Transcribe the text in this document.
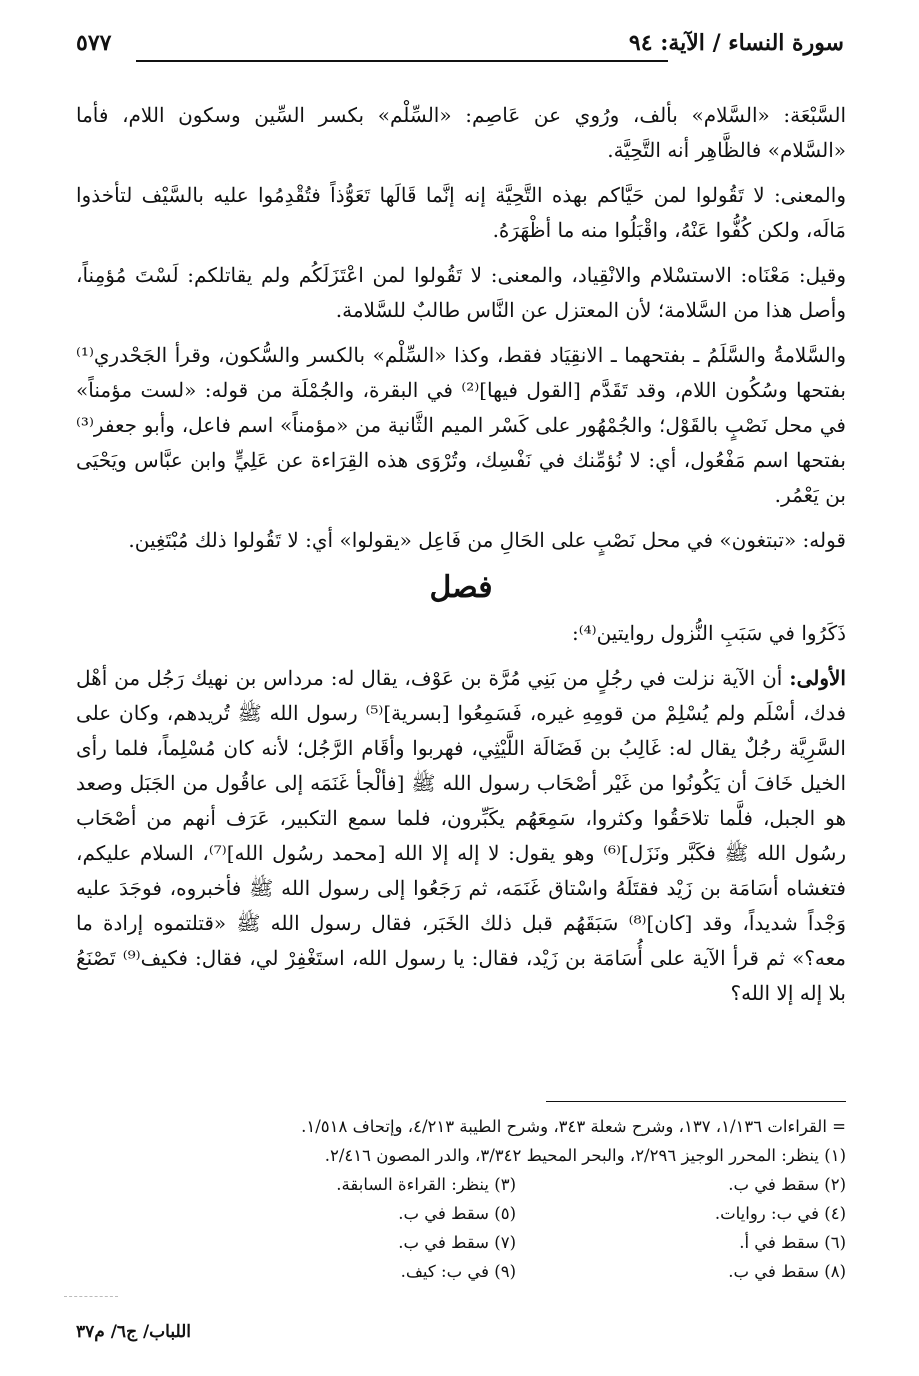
سورة النساء / الآية: ٩٤
٥٧٧

السَّبْعَة: «السَّلام» بألف، ورُوي عن عَاصِم: «السِّلْم» بكسر السِّين وسكون اللام، فأما «السَّلام» فالظَّاهِر أنه التَّحِيَّة.

والمعنى: لا تَقُولوا لمن حَيَّاكم بهذه التَّحِيَّة إنه إنَّما قَالَها تَعَوُّذاً فتُقْدِمُوا عليه بالسَّيْف لتأخذوا مَالَه، ولكن كُفُّوا عَنْهُ، واقْبَلُوا منه ما أظْهَرَهُ.

وقيل: مَعْنَاه: الاستسْلام والانْقِياد، والمعنى: لا تَقُولوا لمن اعْتَزَلَكُم ولم يقاتلكم: لَسْتَ مُؤمِناً، وأصل هذا من السَّلامة؛ لأن المعتزل عن النَّاس طالبٌ للسَّلامة.

والسَّلامةُ والسَّلَمُ ـ بفتحهما ـ الانقِيَاد فقط، وكذا «السِّلْم» بالكسر والسُّكون، وقرأ الجَحْدري⁽¹⁾ بفتحها وسُكُون اللام، وقد تَقَدَّم [القول فيها]⁽²⁾ في البقرة، والجُمْلَة من قوله: «لست مؤمناً» في محل نَصْبٍ بالقَوْل؛ والجُمْهُور على كَسْر الميم الثَّانية من «مؤمناً» اسم فاعل، وأبو جعفر⁽³⁾ بفتحها اسم مَفْعُول، أي: لا نُؤمِّنك في نَفْسِك، وتُرْوَى هذه القِرَاءة عن عَلِيٍّ وابن عبَّاس ويَحْيَى بن يَعْمُر.

قوله: «تبتغون» في محل نَصْبٍ على الحَالِ من فَاعِل «يقولوا» أي: لا تَقُولوا ذلك مُبْتَغِين.

فصل

ذَكَرُوا في سَبَبِ النُّزول روايتين⁽⁴⁾:

الأولى: أن الآية نزلت في رجُلٍ من بَنِي مُرَّة بن عَوْف، يقال له: مرداس بن نهيك رَجُل من أهْل فدك، أسْلَم ولم يُسْلِمْ من قومِهِ غيره، فَسَمِعُوا [بسرية]⁽⁵⁾ رسول الله ﷺ تُريدهم، وكان على السَّرِيَّة رجُلٌ يقال له: غَالِبُ بن فَضَالَة اللَّيْثِي، فهربوا وأقَام الرَّجُل؛ لأنه كان مُسْلِماً، فلما رأى الخيل خَافَ أن يَكُونُوا من غَيْر أصْحَاب رسول الله ﷺ [فألْجأ غَنَمَه إلى عاقُول من الجَبَل وصعد هو الجبل، فلَّما تلاحَقُوا وكثروا، سَمِعَهُم يكَبِّرون، فلما سمع التكبير، عَرَف أنهم من أصْحَاب رسُول الله ﷺ فكَبَّر ونَزَل]⁽⁶⁾ وهو يقول: لا إله إلا الله [محمد رسُول الله]⁽⁷⁾، السلام عليكم، فتغشاه أسَامَة بن زَيْد فقتَلَهُ واسْتاق غَنَمَه، ثم رَجَعُوا إلى رسول الله ﷺ فأخبروه، فوجَدَ عليه وَجْداً شديداً، وقد [كان]⁽⁸⁾ سَبَقَهُم قبل ذلك الخَبَر، فقال رسول الله ﷺ «قتلتموه إرادة ما معه؟» ثم قرأ الآية على أُسَامَة بن زَيْد، فقال: يا رسول الله، استَغْفِرْ لي، فقال: فكيف⁽⁹⁾ تَصْنَعُ بلا إله إلا الله؟

= القراءات ١/١٣٦، ١٣٧، وشرح شعلة ٣٤٣، وشرح الطيبة ٤/٢١٣، وإتحاف ١/٥١٨.
(١) ينظر: المحرر الوجيز ٢/٢٩٦، والبحر المحيط ٣/٣٤٢، والدر المصون ٢/٤١٦.
(٢) سقط في ب.
(٣) ينظر: القراءة السابقة.
(٤) في ب: روايات.
(٥) سقط في ب.
(٦) سقط في أ.
(٧) سقط في ب.
(٨) سقط في ب.
(٩) في ب: كيف.
اللباب/ ج٦/ م٣٧
